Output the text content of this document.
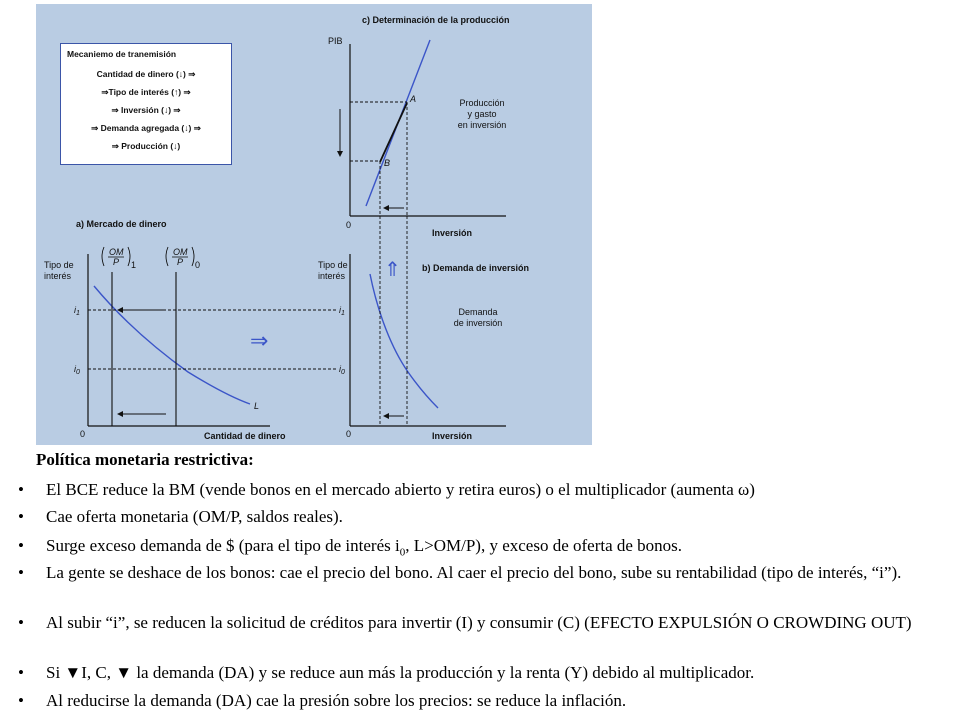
c) Determinación de la producción
PIB
0
Inversión
A
B
Producción
y gasto
en inversión
a) Mercado de dinero
Tipo de
interés
0	Cantidad de dinero
$i_1$
$i_0$
L
OM
P 1
OM
P 0
⇒
b) Demanda de inversión
Tipo de
interés
0	Inversión
$i_1$
$i_0$
⇑
Demanda
de inversión
Mecaniemo de tranemisión
Cantidad de dinero (↓) ⇒
⇒Tipo de interés (↑) ⇒
⇒ Inversión (↓) ⇒
⇒ Demanda agregada (↓) ⇒
⇒ Producción (↓)
Política monetaria restrictiva:
• El BCE reduce la BM (vende bonos en el mercado abierto y retira euros) o el multiplicador (aumenta ω)
• Cae oferta monetaria (OM/P, saldos reales).
• Surge exceso demanda de $ (para el tipo de interés $i_0$, L>OM/P), y exceso de oferta de bonos.
• La gente se deshace de los bonos: cae el precio del bono. Al caer el precio del bono, sube su rentabilidad (tipo de interés, “i”).
• Al subir “i”, se reducen la solicitud de créditos para invertir (I) y consumir (C) (EFECTO EXPULSIÓN O CROWDING OUT)
• Si ▼I, C, ▼ la demanda (DA) y se reduce aun más la producción y la renta (Y) debido al multiplicador.
• Al reducirse la demanda (DA) cae la presión sobre los precios: se reduce la inflación.
